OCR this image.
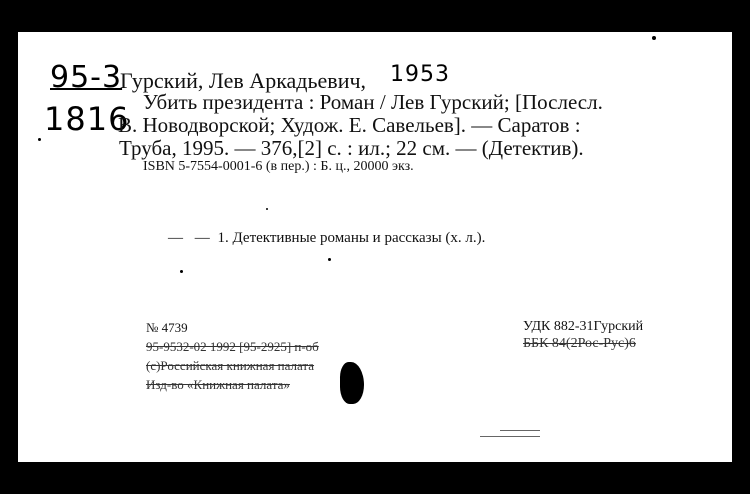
95-3
1816
1953
Гурский, Лев Аркадьевич,
Убить президента : Роман / Лев Гурский; [Послесл.
В. Новодворской; Худож. Е. Савельев]. — Саратов :
Труба, 1995. — 376,[2] с. : ил.; 22 см. — (Детектив).
ISBN 5-7554-0001-6 (в пер.) : Б. ц., 20000 экз.
— — 1. Детективные романы и рассказы (х. л.).
№ 4739
95-9532-02 1992 [95-2925] п-об
(с)Российская книжная палата
Изд-во «Книжная палата»
УДК 882-31Гурский
ББК 84(2Рос-Рус)6
